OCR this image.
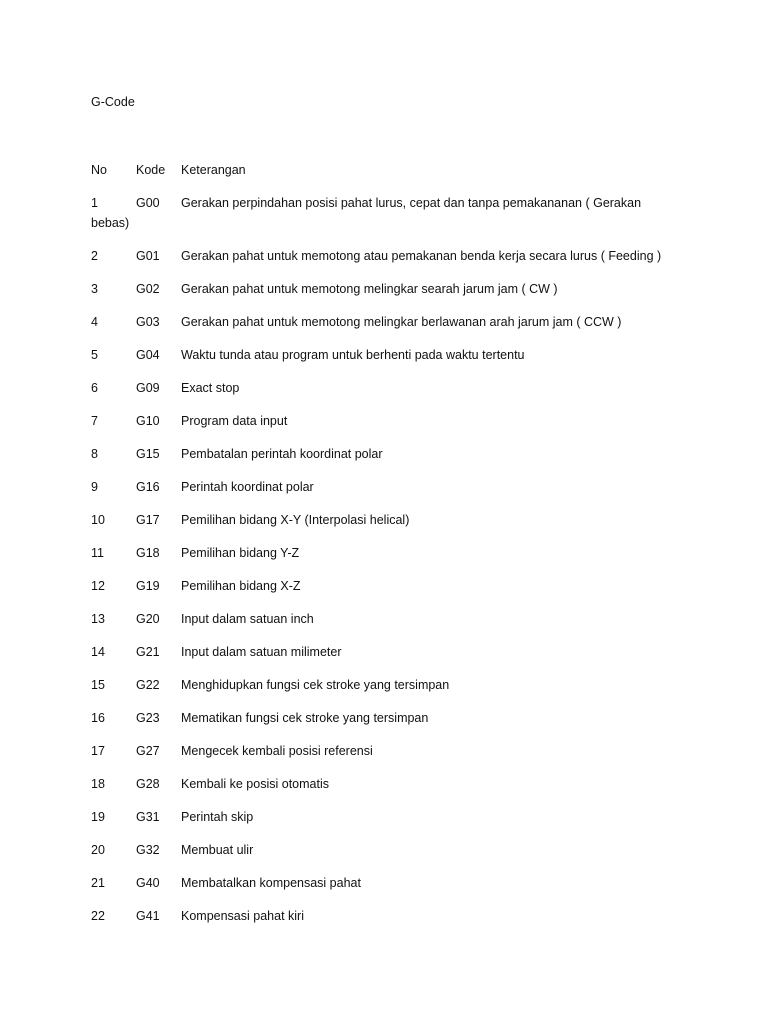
G-Code
No Kode Keterangan
1	G00 Gerakan perpindahan posisi pahat lurus, cepat dan tanpa pemakananan ( Gerakan
bebas)
2	G01 Gerakan pahat untuk memotong atau pemakanan benda kerja secara lurus ( Feeding )
3	G02 Gerakan pahat untuk memotong melingkar searah jarum jam ( CW )
4	G03 Gerakan pahat untuk memotong melingkar berlawanan arah jarum jam ( CCW )
5	G04 Waktu tunda atau program untuk berhenti pada waktu tertentu
6	G09 Exact stop
7	G10 Program data input
8	G15 Pembatalan perintah koordinat polar
9	G16 Perintah koordinat polar
10 G17 Pemilihan bidang X-Y (Interpolasi helical)
11	G18 Pemilihan bidang Y-Z
12 G19 Pemilihan bidang X-Z
13 G20 Input dalam satuan inch
14 G21 Input dalam satuan milimeter
15 G22 Menghidupkan fungsi cek stroke yang tersimpan
16 G23 Mematikan fungsi cek stroke yang tersimpan
17 G27 Mengecek kembali posisi referensi
18 G28 Kembali ke posisi otomatis
19 G31 Perintah skip
20 G32 Membuat ulir
21 G40 Membatalkan kompensasi pahat
22 G41 Kompensasi pahat kiri
